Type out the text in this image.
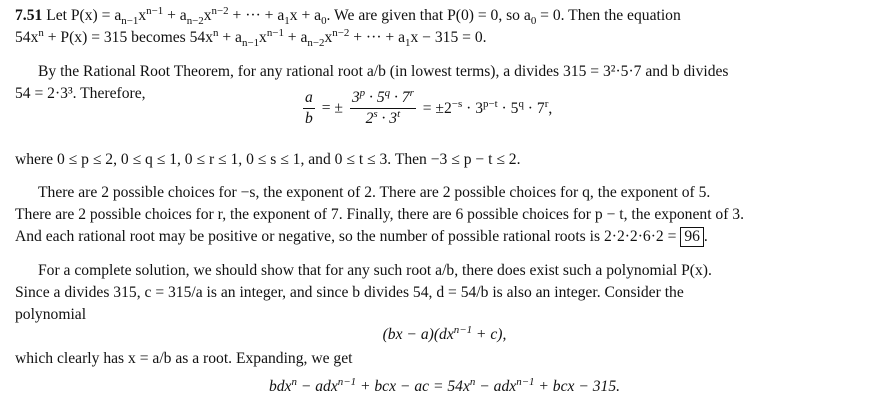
7.51 Let $P(x) = a_{n-1}x^{n-1} + a_{n-2}x^{n-2}$ + ··· + $a_1x + a_0$. We are given that P(0) = 0, so $a_0 = 0$. Then the equation
$54x^n + P(x) = 315$ becomes $54x^n + a_{n-1}x^{n-1} + a_{n-2}x^{n-2}$ + ··· + $a_1x - 315 = 0$.
By the Rational Root Theorem, for any rational root a/b (in lowest terms), a divides 315 = 3²·5·7 and b divides
54 = 2·3³. Therefore,	$\frac{a}{b}$ = ± $\frac{3^p \cdot 5^q \cdot 7^r}{2^s \cdot 3^t} = \pm 2^{-s} \cdot 3^{p-t} \cdot 5^q \cdot 7^r$,
where 0 ≤ p ≤ 2, 0 ≤ q ≤ 1, 0 ≤ r ≤ 1, 0 ≤ s ≤ 1, and 0 ≤ t ≤ 3. Then −3 ≤ p − t ≤ 2.
There are 2 possible choices for −s, the exponent of 2. There are 2 possible choices for q, the exponent of 5.
There are 2 possible choices for r, the exponent of 7. Finally, there are 6 possible choices for p − t, the exponent of 3.
And each rational root may be positive or negative, so the number of possible rational roots is 2·2·2·6·2 = 96 .
For a complete solution, we should show that for any such root a/b, there does exist such a polynomial P(x).
Since a divides 315, c = 315/a is an integer, and since b divides 54, d = 54/b is also an integer. Consider the
polynomial
$(bx - a)(dx^{n-1} + c)$,
which clearly has x = a/b as a root. Expanding, we get
bdx$^n$ − adx$^{n-1}$ + bcx − ac = $54x^n - adx^{n-1}$ + bcx − 315.
